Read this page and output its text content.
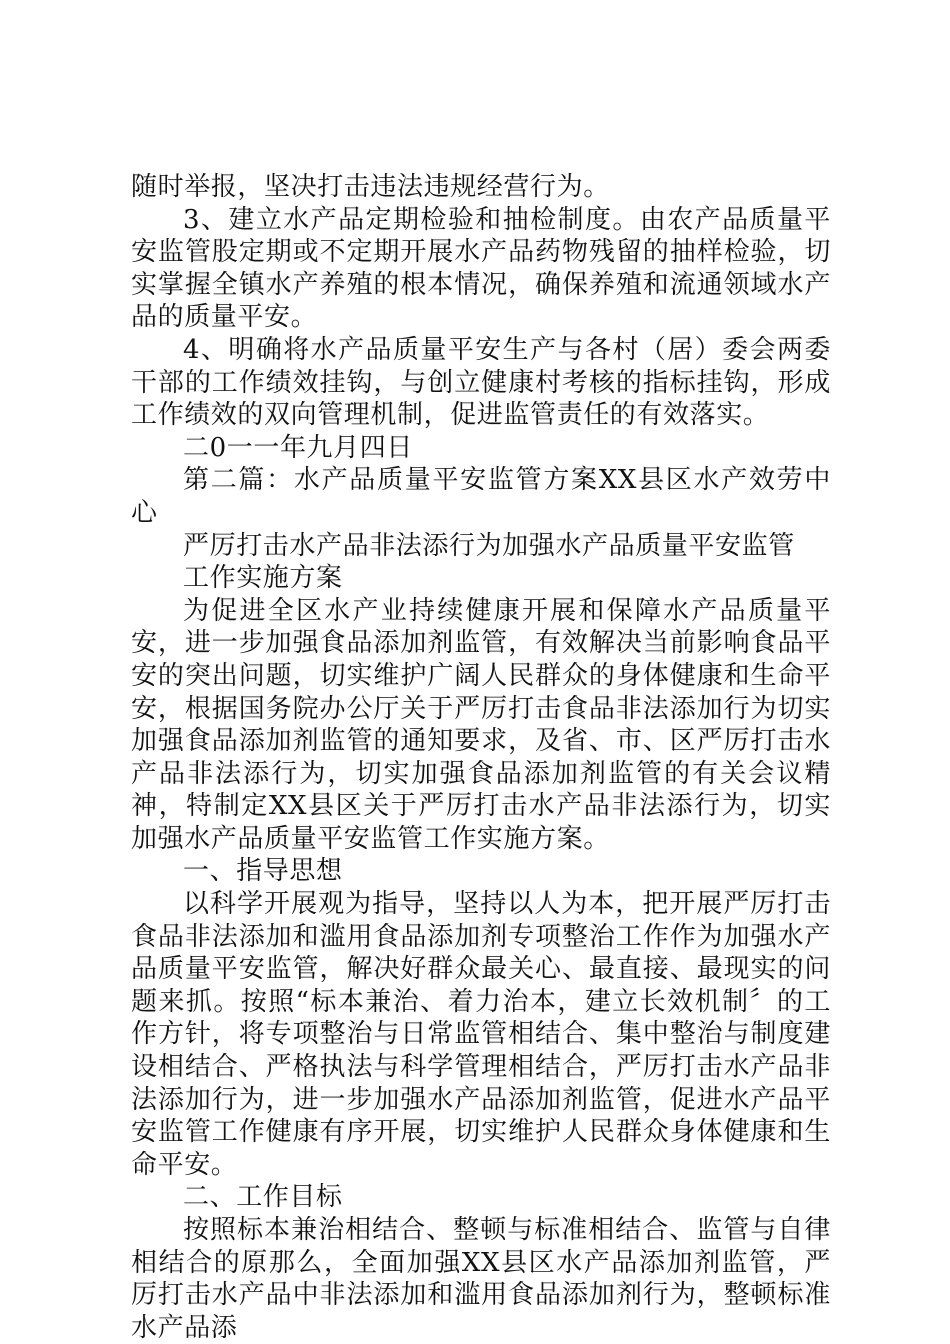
随时举报，坚决打击违法违规经营行为。

3、建立水产品定期检验和抽检制度。由农产品质量平安监管股定期或不定期开展水产品药物残留的抽样检验，切实掌握全镇水产养殖的根本情况，确保养殖和流通领域水产品的质量平安。

4、明确将水产品质量平安生产与各村（居）委会两委干部的工作绩效挂钩，与创立健康村考核的指标挂钩，形成工作绩效的双向管理机制，促进监管责任的有效落实。

二0一一年九月四日

第二篇：水产品质量平安监管方案XX县区水产效劳中心

严厉打击水产品非法添行为加强水产品质量平安监管

工作实施方案

为促进全区水产业持续健康开展和保障水产品质量平安，进一步加强食品添加剂监管，有效解决当前影响食品平安的突出问题，切实维护广阔人民群众的身体健康和生命平安，根据国务院办公厅关于严厉打击食品非法添加行为切实加强食品添加剂监管的通知要求，及省、市、区严厉打击水产品非法添行为，切实加强食品添加剂监管的有关会议精神，特制定XX县区关于严厉打击水产品非法添行为，切实加强水产品质量平安监管工作实施方案。

一、指导思想

以科学开展观为指导，坚持以人为本，把开展严厉打击食品非法添加和滥用食品添加剂专项整治工作作为加强水产品质量平安监管，解决好群众最关心、最直接、最现实的问题来抓。按照“标本兼治、着力治本，建立长效机制〞的工作方针，将专项整治与日常监管相结合、集中整治与制度建设相结合、严格执法与科学管理相结合，严厉打击水产品非法添加行为，进一步加强水产品添加剂监管，促进水产品平安监管工作健康有序开展，切实维护人民群众身体健康和生命平安。

二、工作目标

按照标本兼治相结合、整顿与标准相结合、监管与自律相结合的原那么，全面加强XX县区水产品添加剂监管，严厉打击水产品中非法添加和滥用食品添加剂行为，整顿标准水产品添
